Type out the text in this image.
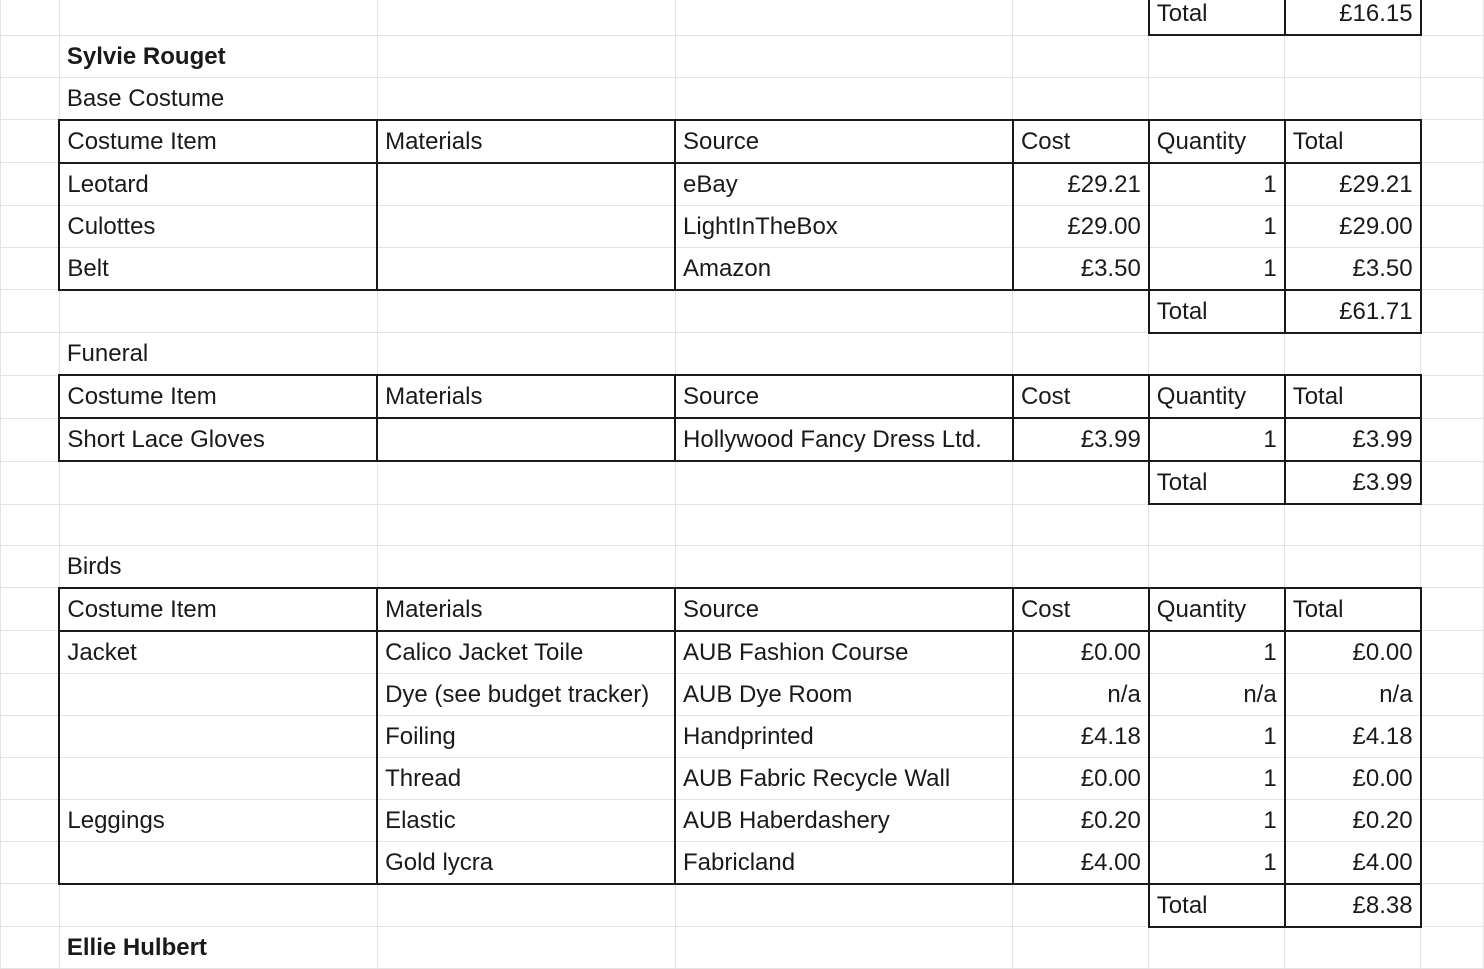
					Total	£16.15	
	Sylvie Rouget						
	Base Costume						
	Costume Item	Materials	Source	Cost	Quantity	Total	
	Leotard		eBay	£29.21	1	£29.21	
	Culottes		LightInTheBox	£29.00	1	£29.00	
	Belt		Amazon	£3.50	1	£3.50	
					Total	£61.71	
	Funeral						
	Costume Item	Materials	Source	Cost	Quantity	Total	
	Short Lace Gloves		Hollywood Fancy Dress Ltd.	£3.99	1	£3.99	
					Total	£3.99	

	Birds						
	Costume Item	Materials	Source	Cost	Quantity	Total	
	Jacket	Calico Jacket Toile	AUB Fashion Course	£0.00	1	£0.00	
		Dye (see budget tracker)	AUB Dye Room	n/a	n/a	n/a	
		Foiling	Handprinted	£4.18	1	£4.18	
		Thread	AUB Fabric Recycle Wall	£0.00	1	£0.00	
	Leggings	Elastic	AUB Haberdashery	£0.20	1	£0.20	
		Gold lycra	Fabricland	£4.00	1	£4.00	
					Total	£8.38	
	Ellie Hulbert						
